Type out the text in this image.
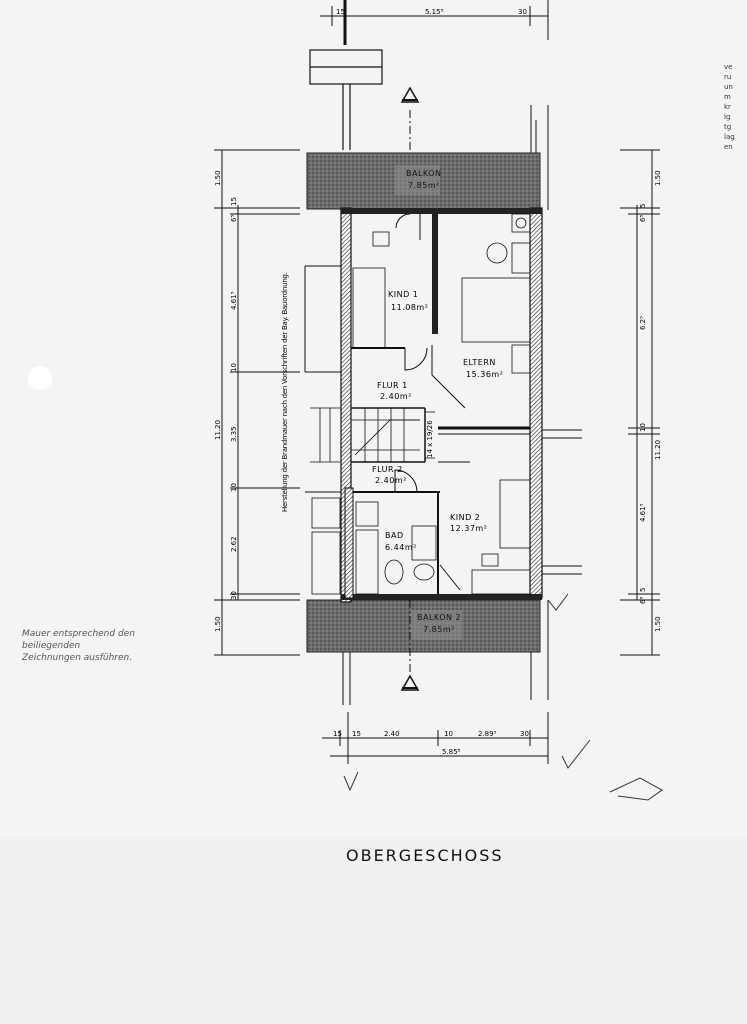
15	5.15⁵	30
BALKON
7.85m²
BALKON 2
7.85m²
14 x 19/26
KIND 1
11.08m²
ELTERN
15.36m²
FLUR 1
2.40m²
FLUR 2
2.40m²
BAD
6.44m²
KIND 2
12.37m²
Herstel ung der Brandmauer nach den Vorschriften der Bay. Bauordnung.
1.50
6⁵
15
4.61⁵
10
11.20 3.35
10
2.62
30
1.50
1.50
5
6⁵
6.2⁵
10
11.20
4.61⁵
5
6⁵
1.50
15 15	2.40	10	2.89⁵	30
5.85⁵
Mauer entsprechend den beiliegenden Zeichnungen ausführen.
ve
ru
un
m
kr
lg
tg
lag
en
OBERGESCHOSS
